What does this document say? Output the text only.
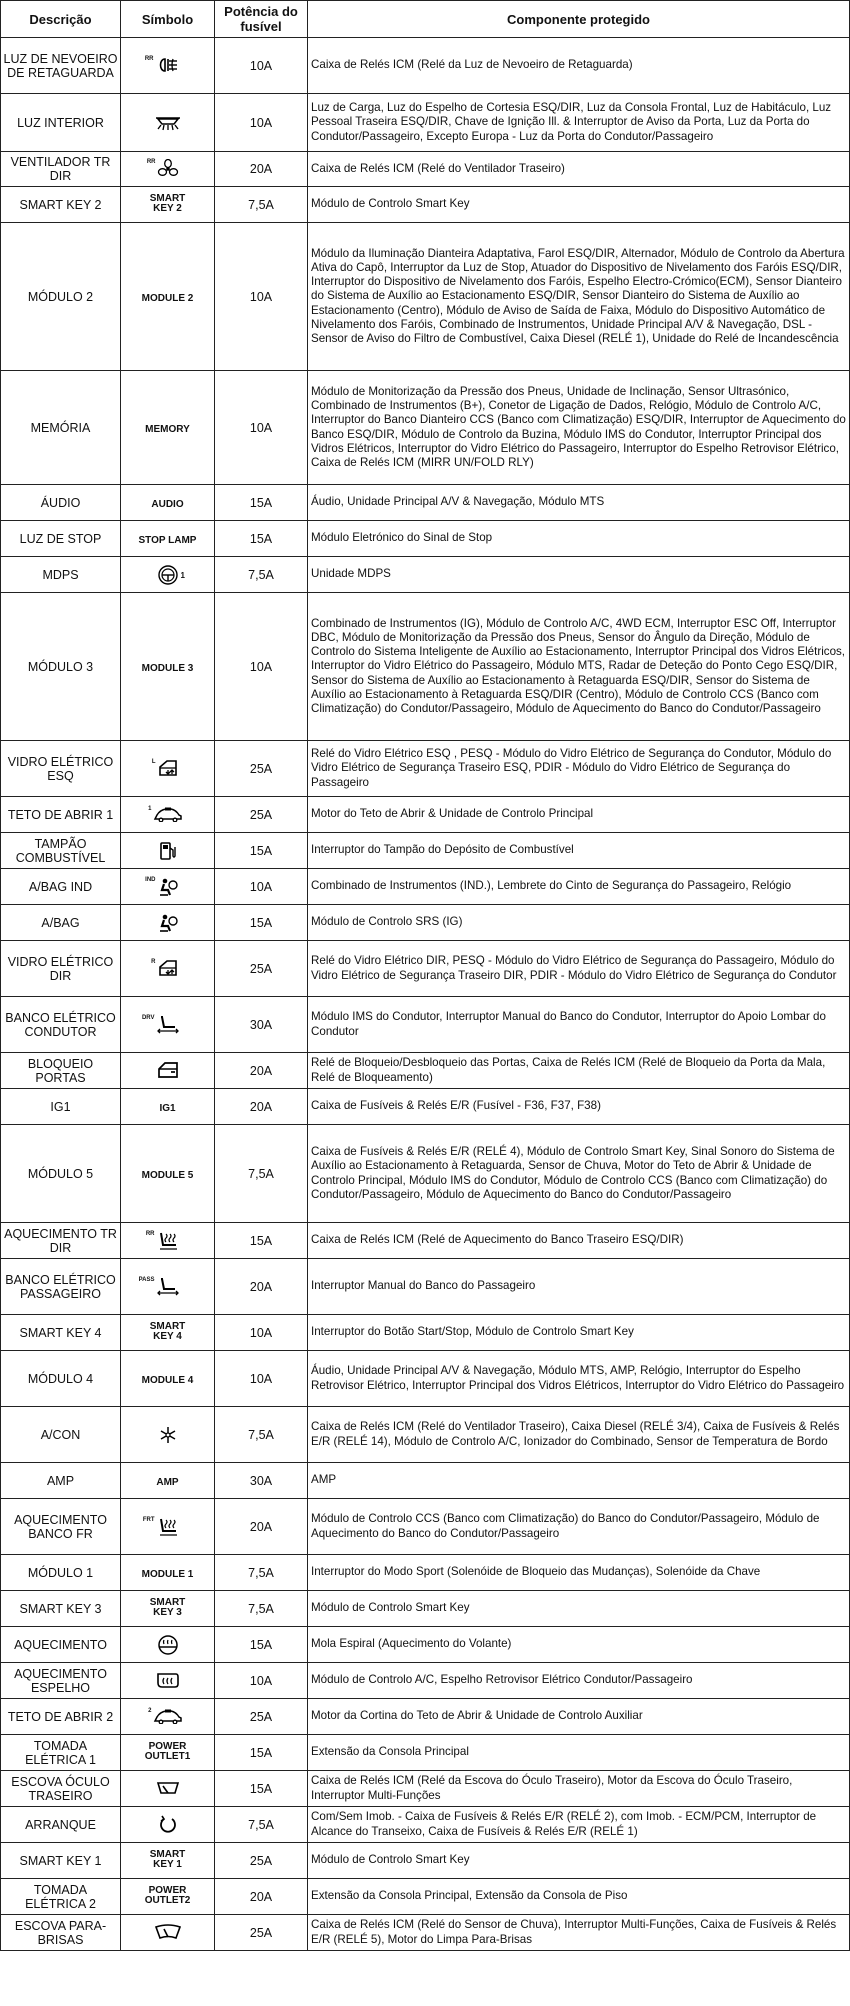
Descrição	Símbolo	Potência do fusível	Componente protegido
LUZ DE NEVOEIRO DE RETAGUARDA	RR	10A	Caixa de Relés ICM (Relé da Luz de Nevoeiro de Retaguarda)
LUZ INTERIOR		10A	Luz de Carga, Luz do Espelho de Cortesia ESQ/DIR, Luz da Consola Frontal, Luz de Habitáculo, Luz Pessoal Traseira ESQ/DIR, Chave de Ignição Ill. & Interruptor de Aviso da Porta, Luz da Porta do Condutor/Passageiro, Excepto Europa - Luz da Porta do Condutor/Passageiro
VENTILADOR TR DIR	RR	20A	Caixa de Relés ICM (Relé do Ventilador Traseiro)
SMART KEY 2	SMART KEY 2	7,5A	Módulo de Controlo Smart Key
MÓDULO 2	MODULE 2	10A	Módulo da Iluminação Dianteira Adaptativa, Farol ESQ/DIR, Alternador, Módulo de Controlo da Abertura Ativa do Capô, Interruptor da Luz de Stop, Atuador do Dispositivo de Nivelamento dos Faróis ESQ/DIR, Interruptor do Dispositivo de Nivelamento dos Faróis, Espelho Electro-Crómico(ECM), Sensor Dianteiro do Sistema de Auxílio ao Estacionamento ESQ/DIR, Sensor Dianteiro do Sistema de Auxílio ao Estacionamento (Centro), Módulo de Aviso de Saída de Faixa, Módulo do Dispositivo Automático de Nivelamento dos Faróis, Combinado de Instrumentos, Unidade Principal A/V & Navegação, DSL - Sensor de Aviso do Filtro de Combustível, Caixa Diesel (RELÉ 1), Unidade do Relé de Incandescência
MEMÓRIA	MEMORY	10A	Módulo de Monitorização da Pressão dos Pneus, Unidade de Inclinação, Sensor Ultrasónico, Combinado de Instrumentos (B+), Conetor de Ligação de Dados, Relógio, Módulo de Controlo A/C, Interruptor do Banco Dianteiro CCS (Banco com Climatização) ESQ/DIR, Interruptor de Aquecimento do Banco ESQ/DIR, Módulo de Controlo da Buzina, Módulo IMS do Condutor, Interruptor Principal dos Vidros Elétricos, Interruptor do Vidro Elétrico do Passageiro, Interruptor do Espelho Retrovisor Elétrico, Caixa de Relés ICM (MIRR UN/FOLD RLY)
ÁUDIO	AUDIO	15A	Áudio, Unidade Principal A/V & Navegação, Módulo MTS
LUZ DE STOP	STOP LAMP	15A	Módulo Eletrónico do Sinal de Stop
MDPS	1	7,5A	Unidade MDPS
MÓDULO 3	MODULE 3	10A	Combinado de Instrumentos (IG), Módulo de Controlo A/C, 4WD ECM, Interruptor ESC Off, Interruptor DBC, Módulo de Monitorização da Pressão dos Pneus, Sensor do Ângulo da Direção, Módulo de Controlo do Sistema Inteligente de Auxílio ao Estacionamento, Interruptor Principal dos Vidros Elétricos, Interruptor do Vidro Elétrico do Passageiro, Módulo MTS, Radar de Deteção do Ponto Cego ESQ/DIR, Sensor do Sistema de Auxílio ao Estacionamento à Retaguarda ESQ/DIR, Sensor do Sistema de Auxílio ao Estacionamento à Retaguarda ESQ/DIR (Centro), Módulo de Controlo CCS (Banco com Climatização) do Condutor/Passageiro, Módulo de Aquecimento do Banco do Condutor/Passageiro
VIDRO ELÉTRICO ESQ	L	25A	Relé do Vidro Elétrico ESQ , PESQ - Módulo do Vidro Elétrico de Segurança do Condutor, Módulo do Vidro Elétrico de Segurança Traseiro ESQ, PDIR - Módulo do Vidro Elétrico de Segurança do Passageiro
TETO DE ABRIR 1	1	25A	Motor do Teto de Abrir & Unidade de Controlo Principal
TAMPÃO COMBUSTÍVEL		15A	Interruptor do Tampão do Depósito de Combustível
A/BAG IND	IND	10A	Combinado de Instrumentos (IND.), Lembrete do Cinto de Segurança do Passageiro, Relógio
A/BAG		15A	Módulo de Controlo SRS (IG)
VIDRO ELÉTRICO DIR	R	25A	Relé do Vidro Elétrico DIR, PESQ - Módulo do Vidro Elétrico de Segurança do Passageiro, Módulo do Vidro Elétrico de Segurança Traseiro DIR, PDIR - Módulo do Vidro Elétrico de Segurança do Condutor
BANCO ELÉTRICO CONDUTOR	DRV	30A	Módulo IMS do Condutor, Interruptor Manual do Banco do Condutor, Interruptor do Apoio Lombar do Condutor
BLOQUEIO PORTAS		20A	Relé de Bloqueio/Desbloqueio das Portas, Caixa de Relés ICM (Relé de Bloqueio da Porta da Mala, Relé de Bloqueamento)
IG1	IG1	20A	Caixa de Fusíveis & Relés E/R (Fusível - F36, F37, F38)
MÓDULO 5	MODULE 5	7,5A	Caixa de Fusíveis & Relés E/R (RELÉ 4), Módulo de Controlo Smart Key, Sinal Sonoro do Sistema de Auxílio ao Estacionamento à Retaguarda, Sensor de Chuva, Motor do Teto de Abrir & Unidade de Controlo Principal, Módulo IMS do Condutor, Módulo de Controlo CCS (Banco com Climatização) do Condutor/Passageiro, Módulo de Aquecimento do Banco do Condutor/Passageiro
AQUECIMENTO TR DIR	RR	15A	Caixa de Relés ICM (Relé de Aquecimento do Banco Traseiro ESQ/DIR)
BANCO ELÉTRICO PASSAGEIRO	PASS	20A	Interruptor Manual do Banco do Passageiro
SMART KEY 4	SMART KEY 4	10A	Interruptor do Botão Start/Stop, Módulo de Controlo Smart Key
MÓDULO 4	MODULE 4	10A	Áudio, Unidade Principal A/V & Navegação, Módulo MTS, AMP, Relógio, Interruptor do Espelho Retrovisor Elétrico, Interruptor Principal dos Vidros Elétricos, Interruptor do Vidro Elétrico do Passageiro
A/CON		7,5A	Caixa de Relés ICM (Relé do Ventilador Traseiro), Caixa Diesel (RELÉ 3/4), Caixa de Fusíveis & Relés E/R (RELÉ 14), Módulo de Controlo A/C, Ionizador do Combinado, Sensor de Temperatura de Bordo
AMP	AMP	30A	AMP
AQUECIMENTO BANCO FR	FRT	20A	Módulo de Controlo CCS (Banco com Climatização) do Banco do Condutor/Passageiro, Módulo de Aquecimento do Banco do Condutor/Passageiro
MÓDULO 1	MODULE 1	7,5A	Interruptor do Modo Sport (Solenóide de Bloqueio das Mudanças), Solenóide da Chave
SMART KEY 3	SMART KEY 3	7,5A	Módulo de Controlo Smart Key
AQUECIMENTO		15A	Mola Espiral (Aquecimento do Volante)
AQUECIMENTO ESPELHO		10A	Módulo de Controlo A/C, Espelho Retrovisor Elétrico Condutor/Passageiro
TETO DE ABRIR 2	2	25A	Motor da Cortina do Teto de Abrir & Unidade de Controlo Auxiliar
TOMADA ELÉTRICA 1	POWER OUTLET1	15A	Extensão da Consola Principal
ESCOVA ÓCULO TRASEIRO		15A	Caixa de Relés ICM (Relé da Escova do Óculo Traseiro), Motor da Escova do Óculo Traseiro, Interruptor Multi-Funções
ARRANQUE		7,5A	Com/Sem Imob. - Caixa de Fusíveis & Relés E/R (RELÉ 2), com Imob. - ECM/PCM, Interruptor de Alcance do Transeixo, Caixa de Fusíveis & Relés E/R (RELÉ 1)
SMART KEY 1	SMART KEY 1	25A	Módulo de Controlo Smart Key
TOMADA ELÉTRICA 2	POWER OUTLET2	20A	Extensão da Consola Principal, Extensão da Consola de Piso
ESCOVA PARA-BRISAS		25A	Caixa de Relés ICM (Relé do Sensor de Chuva), Interruptor Multi-Funções, Caixa de Fusíveis & Relés E/R (RELÉ 5), Motor do Limpa Para-Brisas
